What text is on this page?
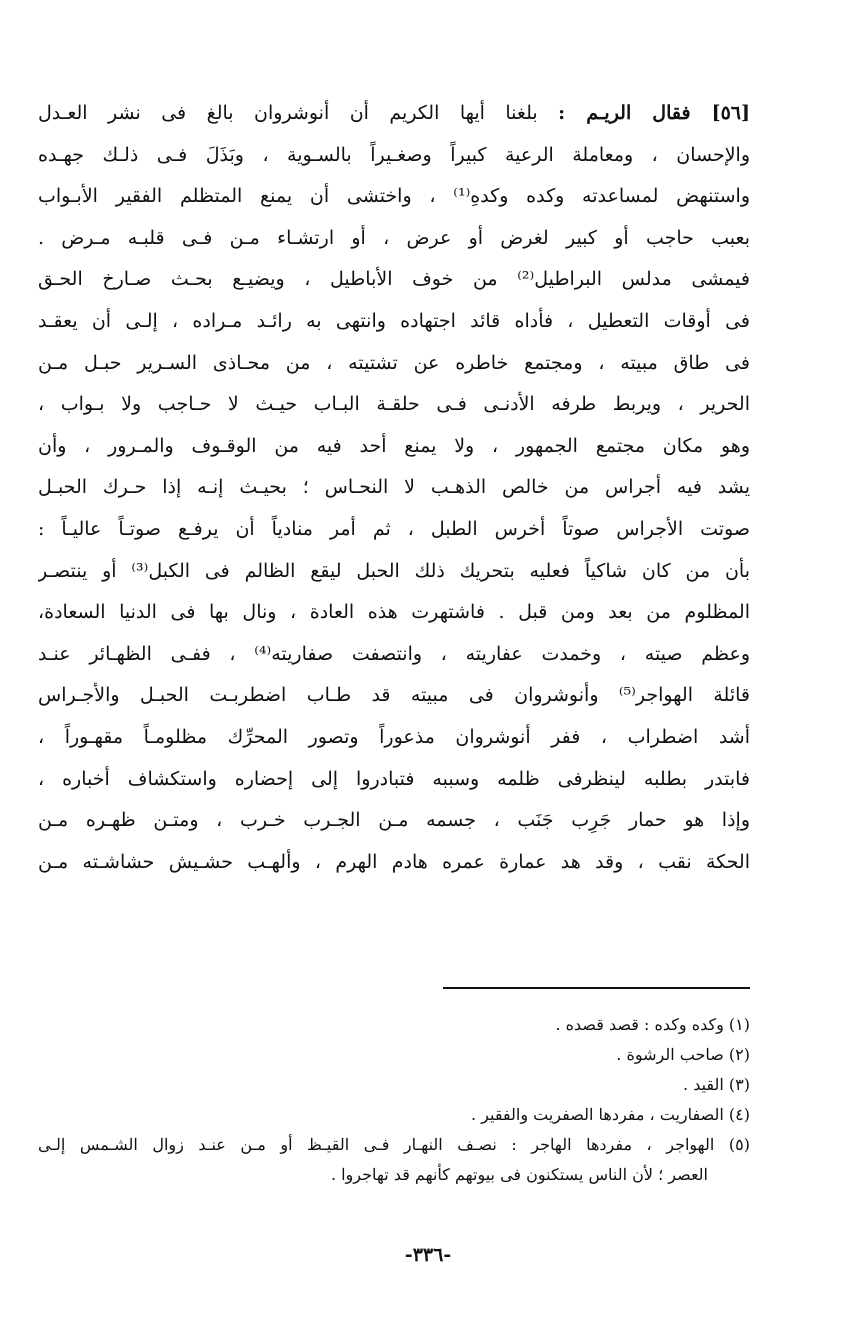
[٥٦] فقال الريـم : بلغنا أيها الكريم أن أنوشروان بالغ فى نشر العـدل
والإحسان ، ومعاملة الرعية كبيراً وصغـيراً بالسـوية ، وبَذَلَ فـى ذلـك جهـده
واستنهض لمساعدته وكده وكدهِ⁽¹⁾ ، واختشى أن يمنع المتظلم الفقير الأبـواب
بعبب حاجب أو كبير لغرض أو عرض ، أو ارتشـاء مـن فـى قلبـه مـرض .
فيمشى مدلس البراطيل⁽²⁾ من خوف الأباطيل ، ويضيـع بحـث صـارخ الحـق
فى أوقات التعطيل ، فأداه قائد اجتهاده وانتهى به رائـد مـراده ، إلـى أن يعقـد
فى طاق مبيته ، ومجتمع خاطره عن تشتيته ، من محـاذى السـرير حبـل مـن
الحرير ، ويربط طرفه الأدنـى فـى حلقـة البـاب حيـث لا حـاجب ولا بـواب ،
وهو مكان مجتمع الجمهور ، ولا يمنع أحد فيه من الوقـوف والمـرور ، وأن
يشد فيه أجراس من خالص الذهـب لا النحـاس ؛ بحيـث إنـه إذا حـرك الحبـل
صوتت الأجراس صوتاً أخرس الطبل ، ثم أمر منادياً أن يرفـع صوتـاً عاليـاً :
بأن من كان شاكياً فعليه بتحريك ذلك الحبل ليقع الظالم فى الكبل⁽³⁾ أو ينتصـر
المظلوم من بعد ومن قبل . فاشتهرت هذه العادة ، ونال بها فى الدنيا السعادة،
وعظم صيته ، وخمدت عفاريته ، وانتصفت صفاريته⁽⁴⁾ ، ففـى الظهـائر عنـد
قائلة الهواجر⁽⁵⁾ وأنوشروان فى مبيته قد طـاب اضطربـت الحبـل والأجـراس
أشد اضطراب ، ففر أنوشروان مذعوراً وتصور المحرِّك مظلومـاً مقهـوراً ،
فابتدر بطلبه لينظرفى ظلمه وسببه فتبادروا إلى إحضاره واستكشاف أخباره ،
وإذا هو حمار جَرِب جَنَب ، جسمه مـن الجـرب خـرب ، ومتـن ظهـره مـن
الحكة نقب ، وقد هد عمارة عمره هادم الهرم ، وألهـب حشـيش حشاشـته مـن
(١) وكده وكده : قصد قصده .
(٢) صاحب الرشوة .
(٣) القيد .
(٤) الصفاريت ، مفردها الصفريت والفقير .
(٥) الهواجر ، مفردها الهاجر : نصـف النهـار فـى القيـظ أو مـن عنـد زوال الشـمس إلـى
العصر ؛ لأن الناس يستكنون فى بيوتهم كأنهم قد تهاجروا .
-٣٣٦-
